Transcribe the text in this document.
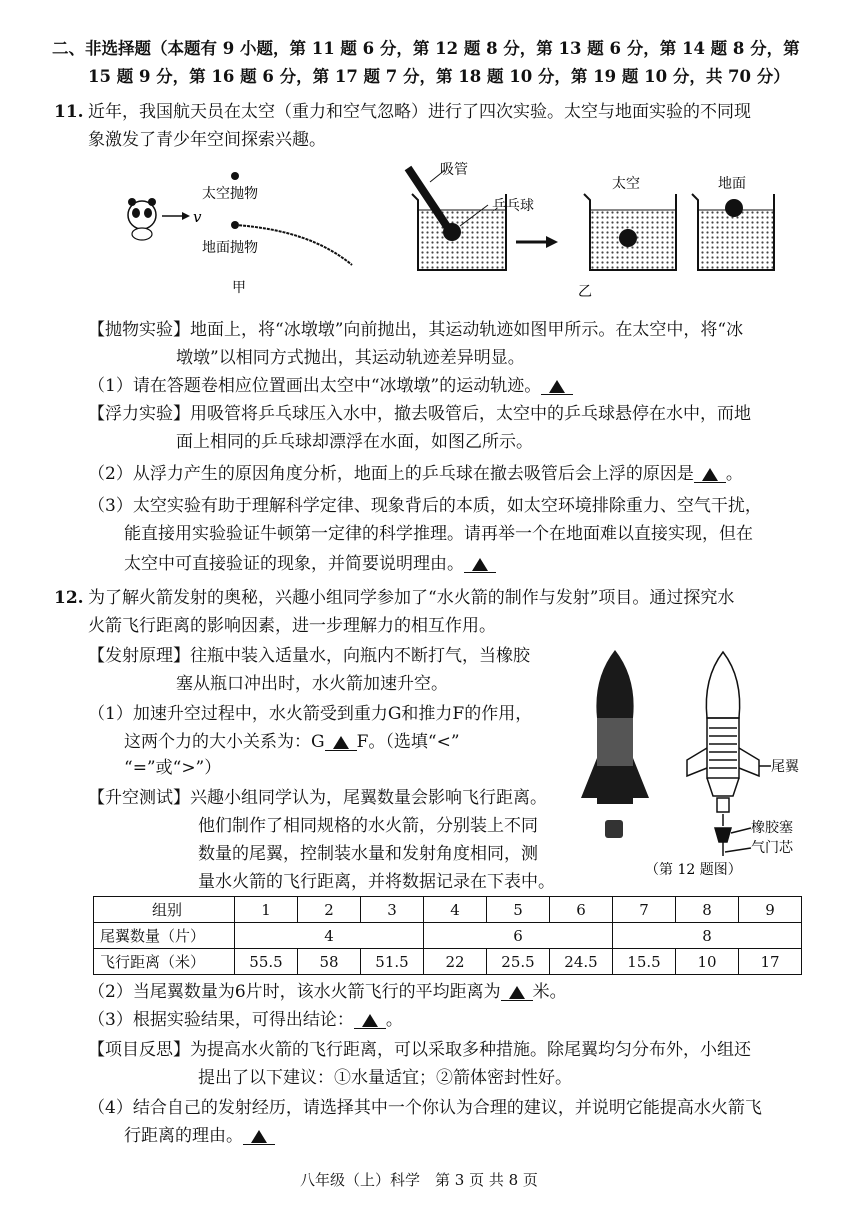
二、非选择题（本题有 9 小题，第 11 题 6 分，第 12 题 8 分，第 13 题 6 分，第 14 题 8 分，第
15 题 9 分，第 16 题 6 分，第 17 题 7 分，第 18 题 10 分，第 19 题 10 分，共 70 分）
11. 近年，我国航天员在太空（重力和空气忽略）进行了四次实验。太空与地面实验的不同现
象激发了青少年空间探索兴趣。
v
太空抛物
地面抛物
甲
吸管
乒乓球
太空	地面
乙
【抛物实验】地面上，将“冰墩墩”向前抛出，其运动轨迹如图甲所示。在太空中，将“冰
墩墩”以相同方式抛出，其运动轨迹差异明显。
（1）请在答题卷相应位置画出太空中“冰墩墩”的运动轨迹。
【浮力实验】用吸管将乒乓球压入水中，撤去吸管后，太空中的乒乓球悬停在水中，而地
面上相同的乒乓球却漂浮在水面，如图乙所示。
（2）从浮力产生的原因角度分析，地面上的乒乓球在撤去吸管后会上浮的原因是 。
（3）太空实验有助于理解科学定律、现象背后的本质，如太空环境排除重力、空气干扰，
能直接用实验验证牛顿第一定律的科学推理。请再举一个在地面难以直接实现，但在
太空中可直接验证的现象，并简要说明理由。
12. 为了解火箭发射的奥秘，兴趣小组同学参加了“水火箭的制作与发射”项目。通过探究水
火箭飞行距离的影响因素，进一步理解力的相互作用。
【发射原理】往瓶中装入适量水，向瓶内不断打气，当橡胶
塞从瓶口冲出时，水火箭加速升空。
（1）加速升空过程中，水火箭受到重力G和推力F的作用，
这两个力的大小关系为：G F。（选填“<”
“=”或“>”）
【升空测试】兴趣小组同学认为，尾翼数量会影响飞行距离。
他们制作了相同规格的水火箭，分别装上不同
数量的尾翼，控制装水量和发射角度相同，测
量水火箭的飞行距离，并将数据记录在下表中。
尾翼
橡胶塞
气门芯
（第 12 题图）
组别	1	2	3	4	5	6	7	8	9
尾翼数量（片）	4			6			8		
飞行距离（米）	55.5	58	51.5	22	25.5	24.5	15.5	10	17
（2）当尾翼数量为6片时，该水火箭飞行的平均距离为 米。
（3）根据实验结果，可得出结论： 。
【项目反思】为提高水火箭的飞行距离，可以采取多种措施。除尾翼均匀分布外，小组还
提出了以下建议：①水量适宜；②箭体密封性好。
（4）结合自己的发射经历，请选择其中一个你认为合理的建议，并说明它能提高水火箭飞
行距离的理由。
八年级（上）科学　第 3 页 共 8 页
